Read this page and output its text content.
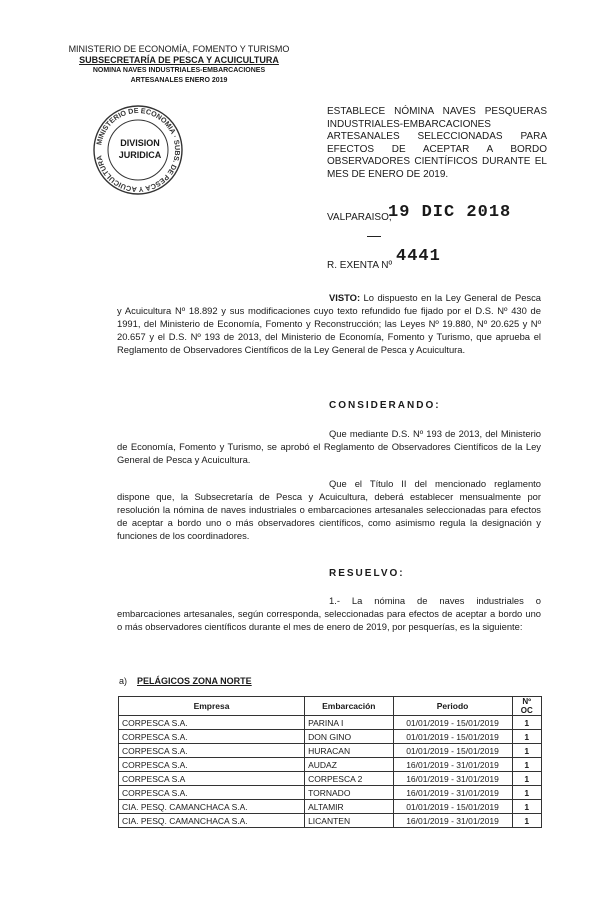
MINISTERIO DE ECONOMÍA, FOMENTO Y TURISMO
SUBSECRETARÍA DE PESCA Y ACUICULTURA
NOMINA NAVES INDUSTRIALES-EMBARCACIONES
ARTESANALES ENERO 2019
MINISTERIO DE ECONOMIA · SUBS. DE PESCA Y ACUICULTURA
DIVISION
JURIDICA
ESTABLECE NÓMINA NAVES PESQUERAS INDUSTRIALES-EMBARCACIONES ARTESANALES SELECCIONADAS PARA EFECTOS DE ACEPTAR A BORDO OBSERVADORES CIENTÍFICOS DURANTE EL MES DE ENERO DE 2019.
VALPARAISO,
19 DIC 2018
R. EXENTA Nº 4441
VISTO: Lo dispuesto en la Ley General de Pesca y Acuicultura Nº 18.892 y sus modificaciones cuyo texto refundido fue fijado por el D.S. Nº 430 de 1991, del Ministerio de Economía, Fomento y Reconstrucción; las Leyes Nº 19.880, Nº 20.625 y Nº 20.657 y el D.S. Nº 193 de 2013, del Ministerio de Economía, Fomento y Turismo, que aprueba el Reglamento de Observadores Científicos de la Ley General de Pesca y Acuicultura.
CONSIDERANDO:
Que mediante D.S. Nº 193 de 2013, del Ministerio de Economía, Fomento y Turismo, se aprobó el Reglamento de Observadores Científicos de la Ley General de Pesca y Acuicultura.
Que el Título II del mencionado reglamento dispone que, la Subsecretaría de Pesca y Acuicultura, deberá establecer mensualmente por resolución la nómina de naves industriales o embarcaciones artesanales seleccionadas para efectos de aceptar a bordo uno o más observadores científicos, como asimismo regula la designación y funciones de los coordinadores.
RESUELVO:
1.- La nómina de naves industriales o embarcaciones artesanales, según corresponda, seleccionadas para efectos de aceptar a bordo uno o más observadores científicos durante el mes de enero de 2019, por pesquerías, es la siguiente:
a) PELÁGICOS ZONA NORTE
Empresa	Embarcación	Periodo	Nº
OC

CORPESCA S.A.	PARINA I	01/01/2019 - 15/01/2019	1
CORPESCA S.A.	DON GINO	01/01/2019 - 15/01/2019	1
CORPESCA S.A.	HURACAN	01/01/2019 - 15/01/2019	1
CORPESCA S.A.	AUDAZ	16/01/2019 - 31/01/2019	1
CORPESCA S.A	CORPESCA 2	16/01/2019 - 31/01/2019	1
CORPESCA S.A.	TORNADO	16/01/2019 - 31/01/2019	1
CIA. PESQ. CAMANCHACA S.A.	ALTAMIR	01/01/2019 - 15/01/2019	1
CIA. PESQ. CAMANCHACA S.A.	LICANTEN	16/01/2019 - 31/01/2019	1
